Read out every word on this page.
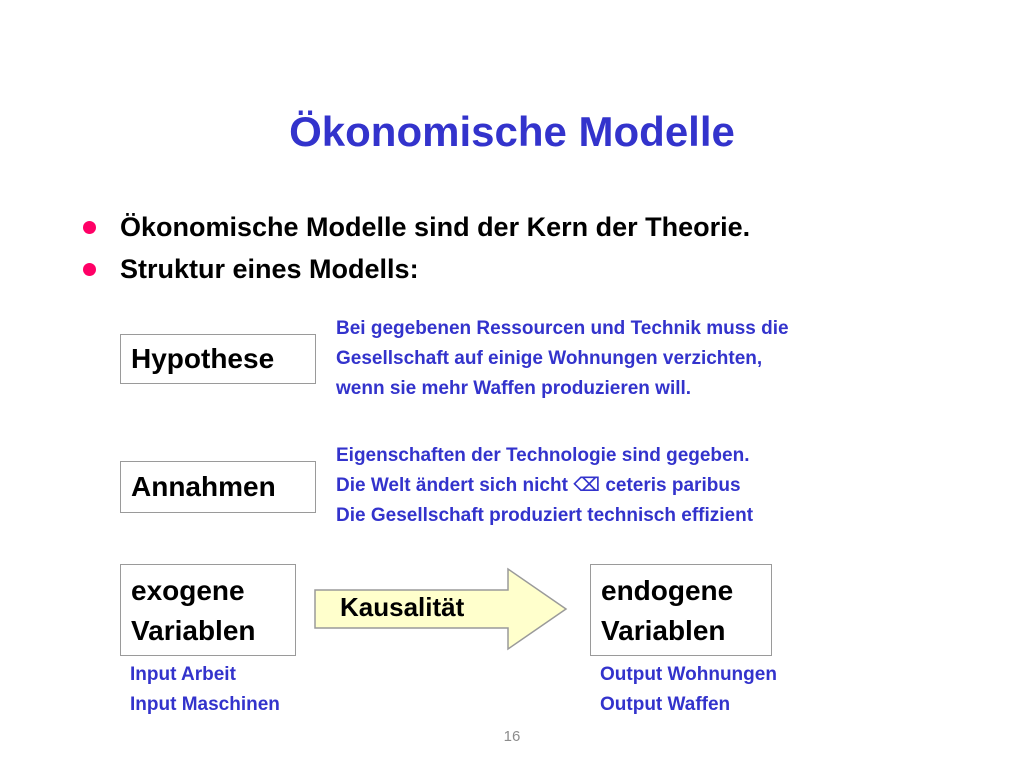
Ökonomische Modelle
Ökonomische Modelle sind der Kern der Theorie.
Struktur eines Modells:
Hypothese
Bei gegebenen Ressourcen und Technik muss die
Gesellschaft auf einige Wohnungen verzichten,
wenn sie mehr Waffen produzieren will.
Annahmen
Eigenschaften der Technologie sind gegeben.
Die Welt ändert sich nicht ⌫ ceteris paribus
Die Gesellschaft produziert technisch effizient
exogene
Variablen
Input Arbeit
Input Maschinen
Kausalität
endogene
Variablen
Output Wohnungen
Output Waffen
16
